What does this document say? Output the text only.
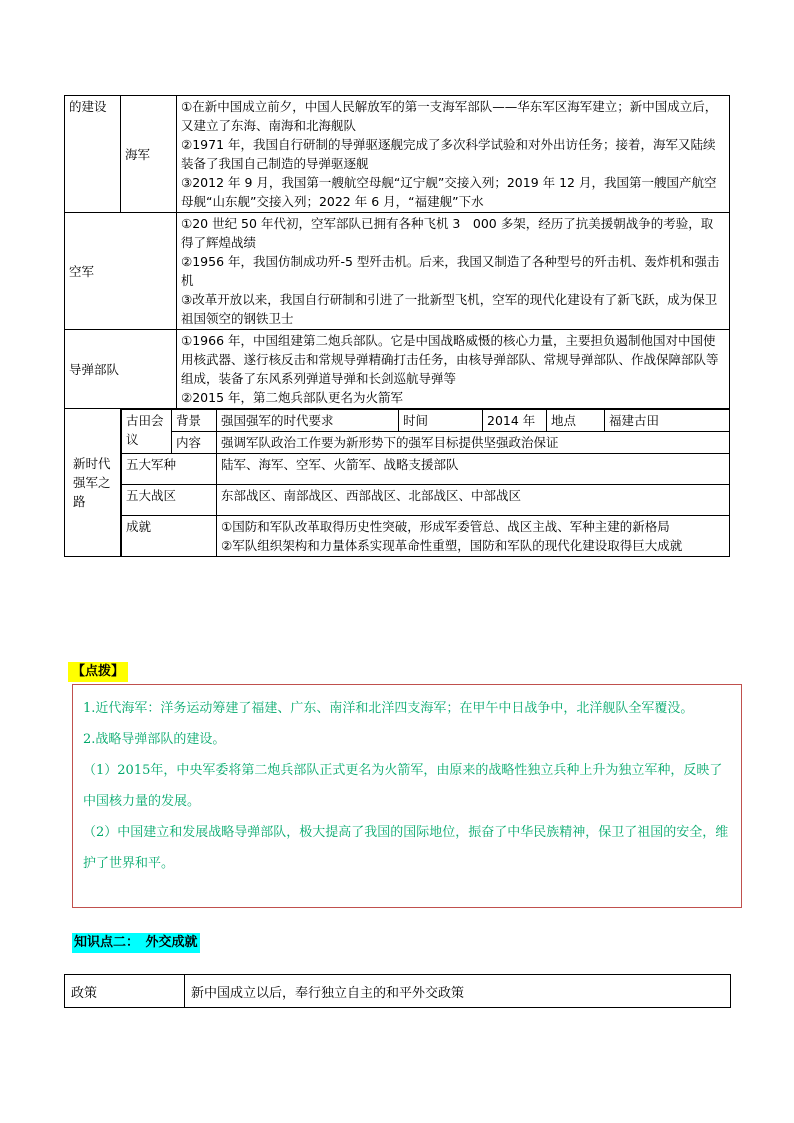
的建设	海军	
①在新中国成立前夕，中国人民解放军的第一支海军部队——华东军区海军建立；新中国成立后，又建立了东海、南海和北海舰队
②1971 年，我国自行研制的导弹驱逐舰完成了多次科学试验和对外出访任务；接着，海军又陆续装备了我国自己制造的导弹驱逐舰
③2012 年 9 月，我国第一艘航空母舰“辽宁舰”交接入列；2019 年 12 月，我国第一艘国产航空母舰“山东舰”交接入列；2022 年 6 月，“福建舰”下水

空军	
①20 世纪 50 年代初，空军部队已拥有各种飞机 3　000 多架，经历了抗美援朝战争的考验，取得了辉煌战绩
②1956 年，我国仿制成功歼-5 型歼击机。后来，我国又制造了各种型号的歼击机、轰炸机和强击机
③改革开放以来，我国自行研制和引进了一批新型飞机，空军的现代化建设有了新飞跃，成为保卫祖国领空的钢铁卫士

导弹部队	
①1966 年，中国组建第二炮兵部队。它是中国战略威慑的核心力量，主要担负遏制他国对中国使用核武器、遂行核反击和常规导弹精确打击任务，由核导弹部队、常规导弹部队、作战保障部队等组成，装备了东风系列弹道导弹和长剑巡航导弹等
②2015 年，第二炮兵部队更名为火箭军

新时代强军之路	
古田会议	背景	强国强军的时代要求	时间	2014 年	地点	福建古田
内容	强调军队政治工作要为新形势下的强军目标提供坚强政治保证
五大军种	陆军、海军、空军、火箭军、战略支援部队
五大战区	东部战区、南部战区、西部战区、北部战区、中部战区
成就	①国防和军队改革取得历史性突破，形成军委管总、战区主战、军种主建的新格局
②军队组织架构和力量体系实现革命性重塑，国防和军队的现代化建设取得巨大成就
【点拨】

1.近代海军：洋务运动筹建了福建、广东、南洋和北洋四支海军；在甲午中日战争中，北洋舰队全军覆没。

2.战略导弹部队的建设。

（1）2015年，中央军委将第二炮兵部队正式更名为火箭军，由原来的战略性独立兵种上升为独立军种，反映了中国核力量的发展。

（2）中国建立和发展战略导弹部队，极大提高了我国的国际地位，振奋了中华民族精神，保卫了祖国的安全，维护了世界和平。

知识点二：　外交成就
政策	新中国成立以后，奉行独立自主的和平外交政策
